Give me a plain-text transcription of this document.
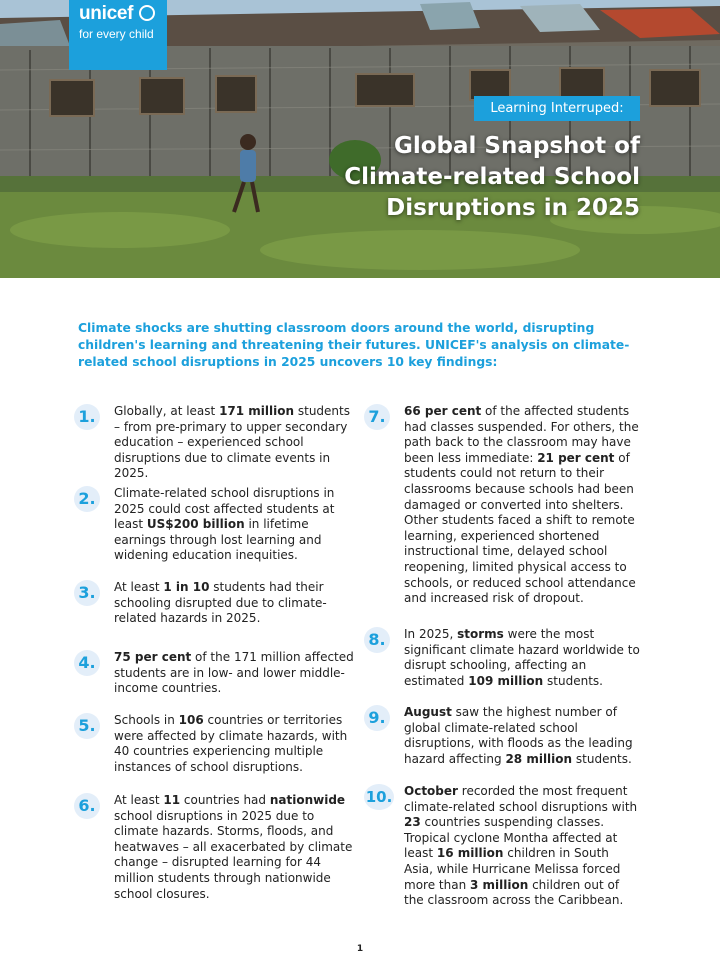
unicef
for every child
Learning Interruped:
Global Snapshot of Climate-related School Disruptions in 2025
Climate shocks are shutting classroom doors around the world, disrupting children's learning and threatening their futures. UNICEF's analysis on climate-related school disruptions in 2025 uncovers 10 key findings:
1.	Globally, at least 171 million students – from pre-primary to upper secondary education – experienced school disruptions due to climate events in 2025.
2.	Climate-related school disruptions in 2025 could cost affected students at least US$200 billion in lifetime earnings through lost learning and widening education inequities.
3.	At least 1 in 10 students had their schooling disrupted due to climate-related hazards in 2025.
4.	75 per cent of the 171 million affected students are in low- and lower middle-income countries.
5.	Schools in 106 countries or territories were affected by climate hazards, with 40 countries experiencing multiple instances of school disruptions.
6.	At least 11 countries had nationwide school disruptions in 2025 due to climate hazards. Storms, floods, and heatwaves – all exacerbated by climate change – disrupted learning for 44 million students through nationwide school closures.
7.	66 per cent of the affected students had classes suspended. For others, the path back to the classroom may have been less immediate: 21 per cent of students could not return to their classrooms because schools had been damaged or converted into shelters. Other students faced a shift to remote learning, experienced shortened instructional time, delayed school reopening, limited physical access to schools, or reduced school attendance and increased risk of dropout.
8.	In 2025, storms were the most significant climate hazard worldwide to disrupt schooling, affecting an estimated 109 million students.
9.	August saw the highest number of global climate-related school disruptions, with floods as the leading hazard affecting 28 million students.
10. October recorded the most frequent climate-related school disruptions with 23 countries suspending classes. Tropical cyclone Montha affected at least 16 million children in South Asia, while Hurricane Melissa forced more than 3 million children out of the classroom across the Caribbean.
1
